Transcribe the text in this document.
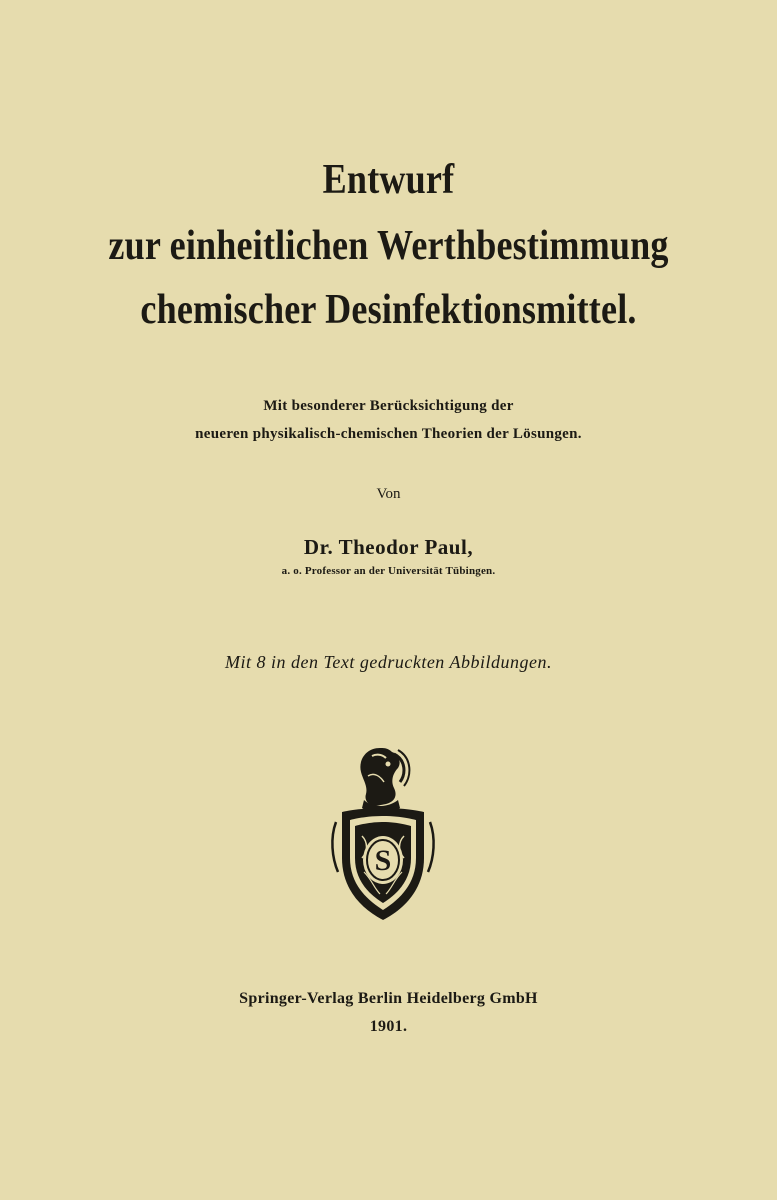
Entwurf
zur einheitlichen Werthbestimmung
chemischer Desinfektionsmittel.
Mit besonderer Berücksichtigung der
neueren physikalisch-chemischen Theorien der Lösungen.
Von
Dr. Theodor Paul,
a. o. Professor an der Universität Tübingen.
Mit 8 in den Text gedruckten Abbildungen.
S
Springer-Verlag Berlin Heidelberg GmbH
1901.
